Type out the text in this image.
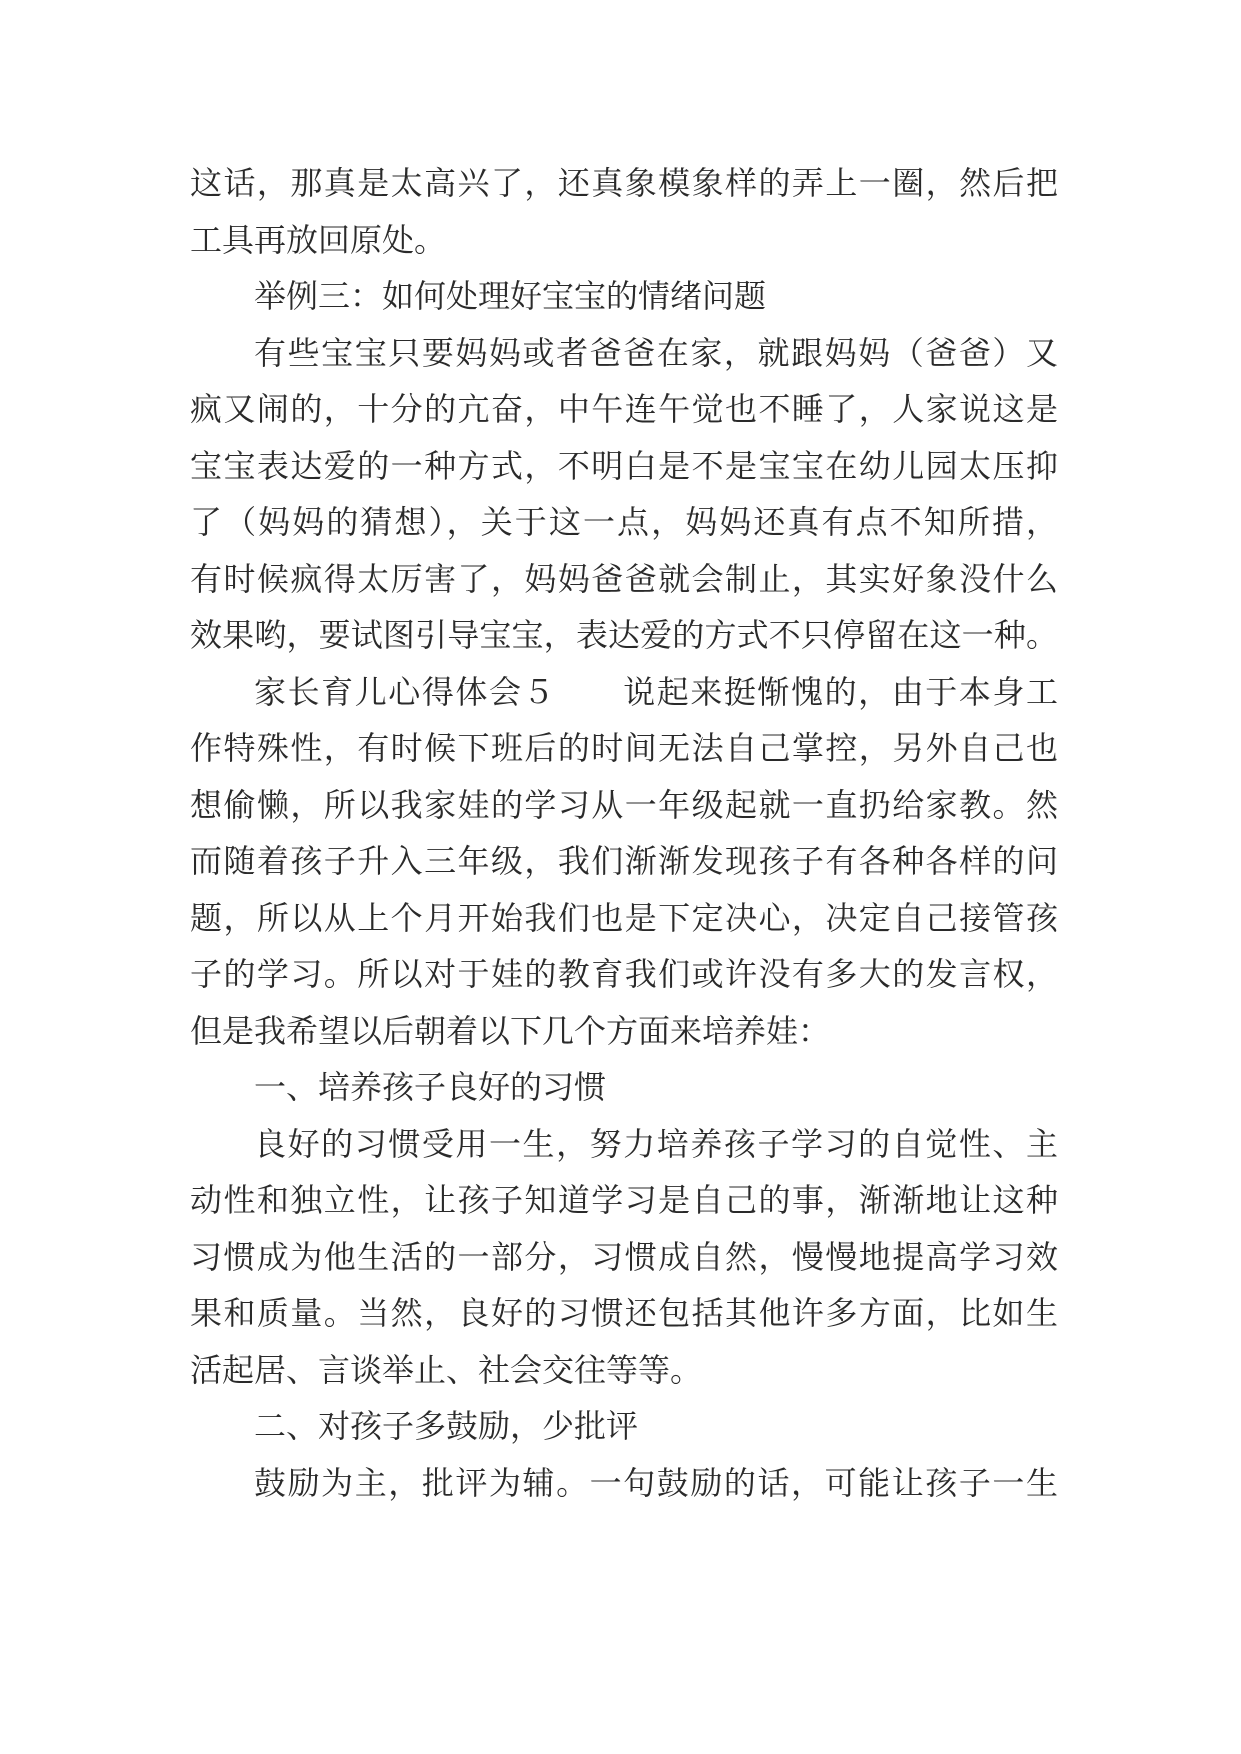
这话，那真是太高兴了，还真象模象样的弄上一圈，然后把
工具再放回原处。
举例三：如何处理好宝宝的情绪问题
有些宝宝只要妈妈或者爸爸在家，就跟妈妈（爸爸）又
疯又闹的，十分的亢奋，中午连午觉也不睡了，人家说这是
宝宝表达爱的一种方式，不明白是不是宝宝在幼儿园太压抑
了（妈妈的猜想），关于这一点，妈妈还真有点不知所措，
有时候疯得太厉害了，妈妈爸爸就会制止，其实好象没什么
效果哟，要试图引导宝宝，表达爱的方式不只停留在这一种。
家长育儿心得体会５　　说起来挺惭愧的，由于本身工
作特殊性，有时候下班后的时间无法自己掌控，另外自己也
想偷懒，所以我家娃的学习从一年级起就一直扔给家教。然
而随着孩子升入三年级，我们渐渐发现孩子有各种各样的问
题，所以从上个月开始我们也是下定决心，决定自己接管孩
子的学习。所以对于娃的教育我们或许没有多大的发言权，
但是我希望以后朝着以下几个方面来培养娃：
一、培养孩子良好的习惯
良好的习惯受用一生，努力培养孩子学习的自觉性、主
动性和独立性，让孩子知道学习是自己的事，渐渐地让这种
习惯成为他生活的一部分，习惯成自然，慢慢地提高学习效
果和质量。当然，良好的习惯还包括其他许多方面，比如生
活起居、言谈举止、社会交往等等。
二、对孩子多鼓励，少批评
鼓励为主，批评为辅。一句鼓励的话，可能让孩子一生
